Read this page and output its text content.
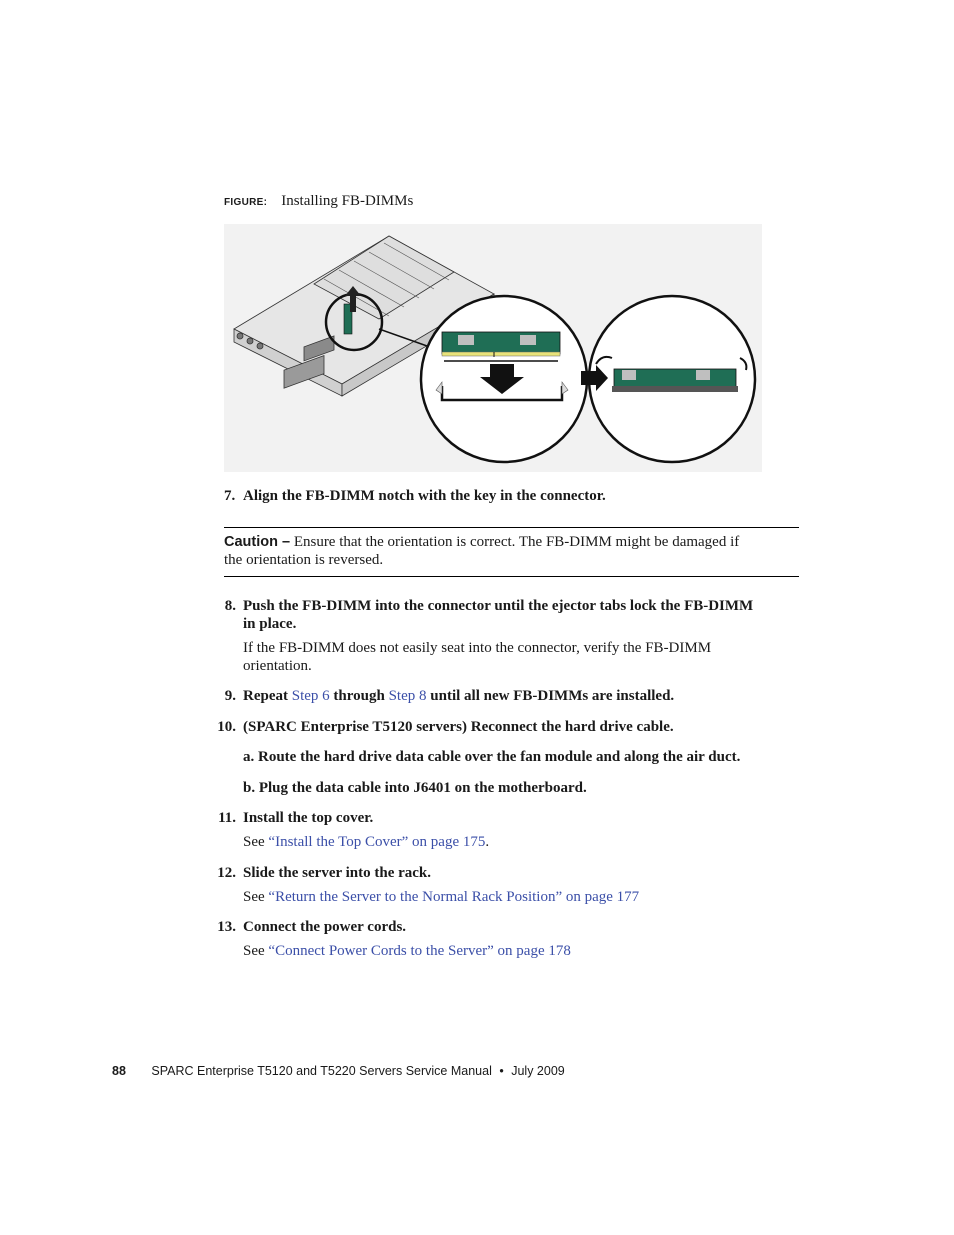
FIGURE: Installing FB-DIMMs
7. Align the FB-DIMM notch with the key in the connector.
Caution – Ensure that the orientation is correct. The FB-DIMM might be damaged if
the orientation is reversed.
8. Push the FB-DIMM into the connector until the ejector tabs lock the FB-DIMM
in place.
If the FB-DIMM does not easily seat into the connector, verify the FB-DIMM
orientation.
9. Repeat Step 6 through Step 8 until all new FB-DIMMs are installed.
10. (SPARC Enterprise T5120 servers) Reconnect the hard drive cable.
a. Route the hard drive data cable over the fan module and along the air duct.
b. Plug the data cable into J6401 on the motherboard.
11. Install the top cover.
See “Install the Top Cover” on page 175.
12. Slide the server into the rack.
See “Return the Server to the Normal Rack Position” on page 177
13. Connect the power cords.
See “Connect Power Cords to the Server” on page 178
88 SPARC Enterprise T5120 and T5220 Servers Service Manual • July 2009
